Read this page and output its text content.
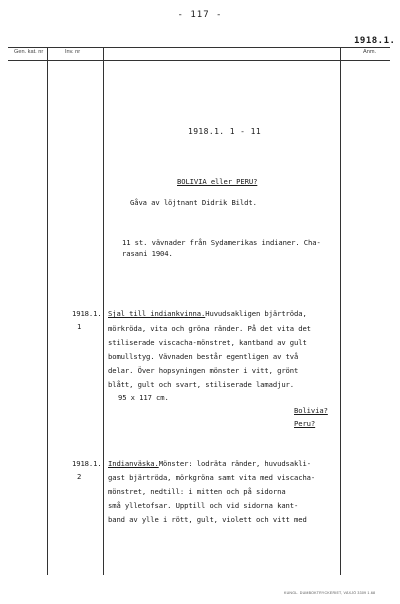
- 117 -
1918.1.
Gen. kat. nr	Inv. nr	Anm.
1918.1. 1 - 11
BOLIVIA eller PERU?
Gåva av löjtnant Didrik Bildt.
11 st. vävnader från Sydamerikas indianer. Cha-
rasani 1904.
1918.1.
1
Sjal till indiankvinna.Huvudsakligen bjärtröda,
mörkröda, vita och gröna ränder. På det vita det
stiliserade viscacha-mönstret, kantband av gult
bomullstyg. Vävnaden består egentligen av två
delar. Över hopsyningen mönster i vitt, grönt
blått, gult och svart, stiliserade lamadjur.
95 x 117 cm.
Bolivia?
Peru?
1918.1.
2
Indianväska.Mönster: lodräta ränder, huvudsakli-
gast bjärtröda, mörkgröna samt vita med viscacha-
mönstret, nedtill: i mitten och på sidorna
små ylletofsar. Upptill och vid sidorna kant-
band av ylle i rött, gult, violett och vitt med
KUNGL. DUMBOKTRYCKERIET, VÄXJÖ 3309 1.68
